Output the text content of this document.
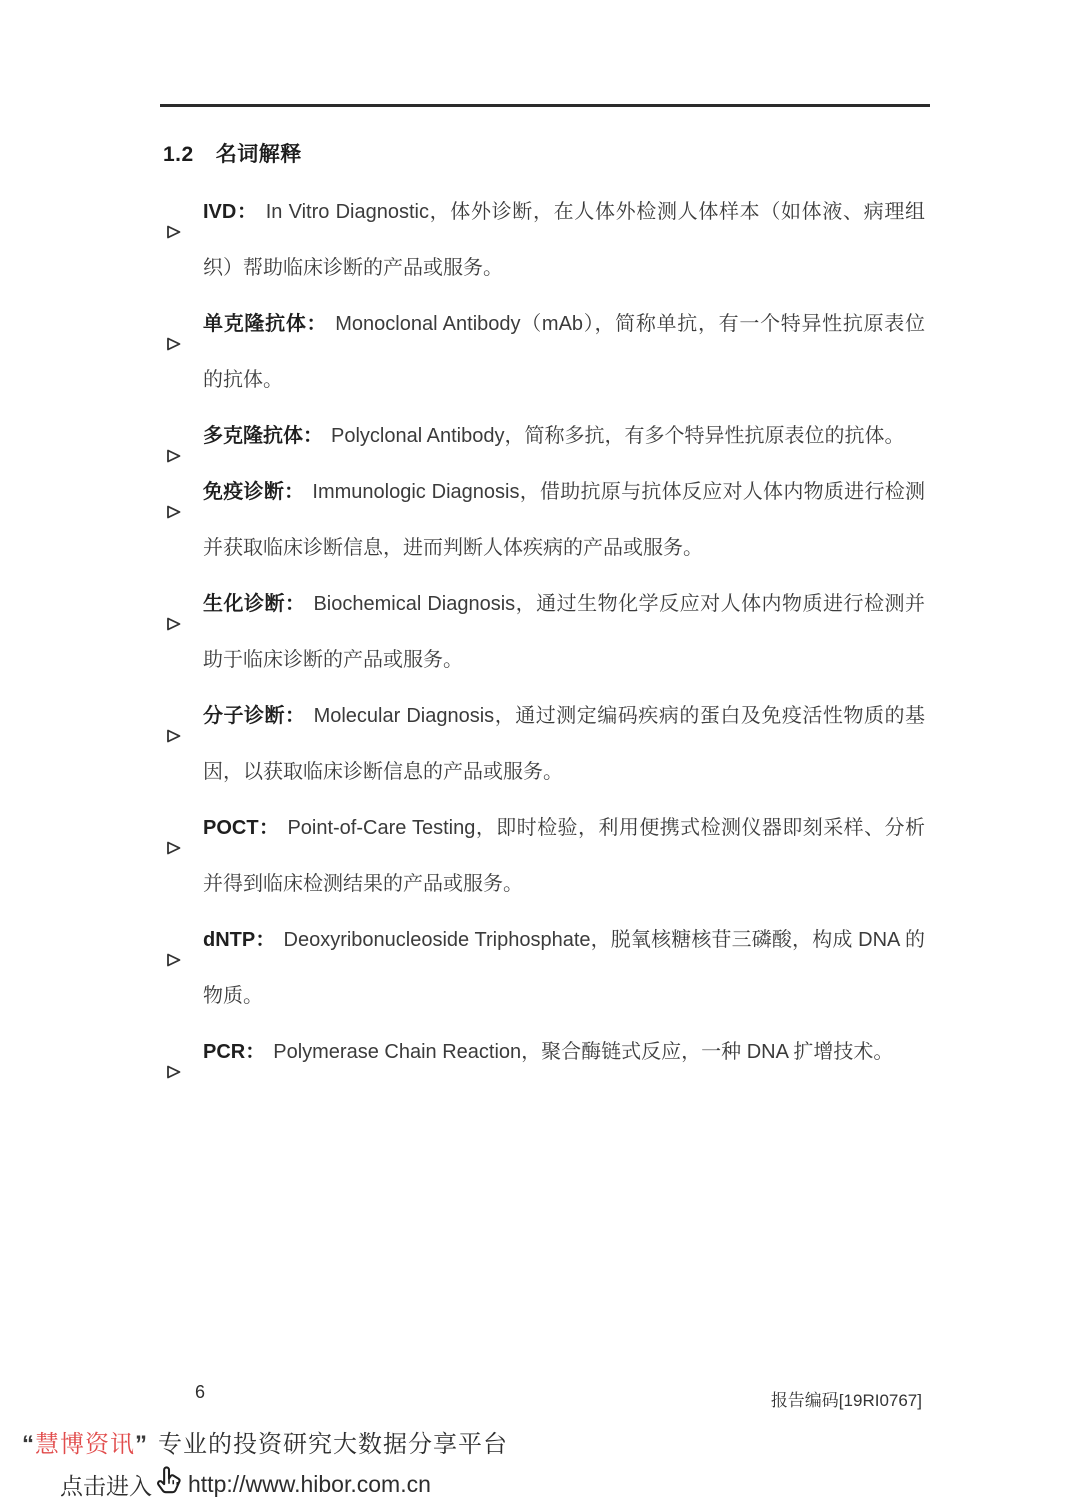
1.2 名词解释
IVD： In Vitro Diagnostic，体外诊断，在人体外检测人体样本（如体液、病理组织）帮助临床诊断的产品或服务。
单克隆抗体： Monoclonal Antibody（mAb），简称单抗，有一个特异性抗原表位的抗体。
多克隆抗体： Polyclonal Antibody，简称多抗，有多个特异性抗原表位的抗体。
免疫诊断： Immunologic Diagnosis，借助抗原与抗体反应对人体内物质进行检测并获取临床诊断信息，进而判断人体疾病的产品或服务。
生化诊断： Biochemical Diagnosis，通过生物化学反应对人体内物质进行检测并助于临床诊断的产品或服务。
分子诊断： Molecular Diagnosis，通过测定编码疾病的蛋白及免疫活性物质的基因，以获取临床诊断信息的产品或服务。
POCT： Point-of-Care Testing，即时检验，利用便携式检测仪器即刻采样、分析并得到临床检测结果的产品或服务。
dNTP： Deoxyribonucleoside Triphosphate，脱氧核糖核苷三磷酸，构成 DNA 的物质。
PCR： Polymerase Chain Reaction，聚合酶链式反应，一种 DNA 扩增技术。
6	报告编码[19RI0767]
“慧博资讯” 专业的投资研究大数据分享平台
点击进入 http://www.hibor.com.cn
